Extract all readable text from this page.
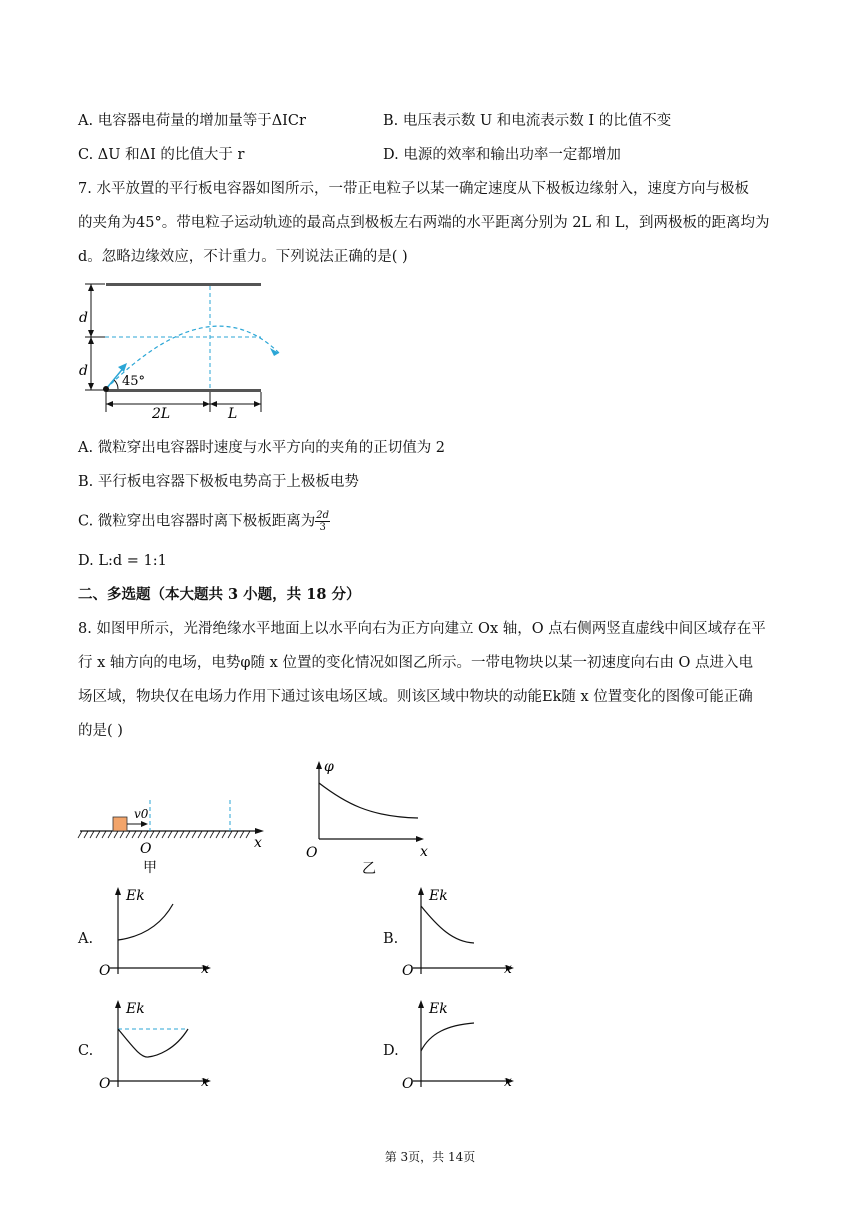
A. 电容器电荷量的增加量等于ΔICr	B. 电压表示数 U 和电流表示数 I 的比值不变
C. ΔU 和ΔI 的比值大于 r	D. 电源的效率和输出功率一定都增加
7. 水平放置的平行板电容器如图所示，一带正电粒子以某一确定速度从下极板边缘射入，速度方向与极板
的夹角为45°。带电粒子运动轨迹的最高点到极板左右两端的水平距离分别为 2L 和 L，到两极板的距离均为
d。忽略边缘效应，不计重力。下列说法正确的是( )
d
d
45°
2L	L
A. 微粒穿出电容器时速度与水平方向的夹角的正切值为 2
B. 平行板电容器下极板电势高于上极板电势
C. 微粒穿出电容器时离下极板距离为 $\frac{2d}{3}$
D. L:d = 1:1
二、多选题（本大题共 3 小题，共 18 分）
8. 如图甲所示，光滑绝缘水平地面上以水平向右为正方向建立 Ox 轴，O 点右侧两竖直虚线中间区域存在平
行 x 轴方向的电场，电势φ随 x 位置的变化情况如图乙所示。一带电物块以某一初速度向右由 O 点进入电
场区域，物块仅在电场力作用下通过该电场区域。则该区域中物块的动能Ek随 x 位置变化的图像可能正确
的是( )
v0
O	x
甲
φ
O	x
乙
A.
Ek
O	x
B.
Ek
O	x
C.
Ek
O	x
D.
Ek
O	x
第 3页，共 14页
